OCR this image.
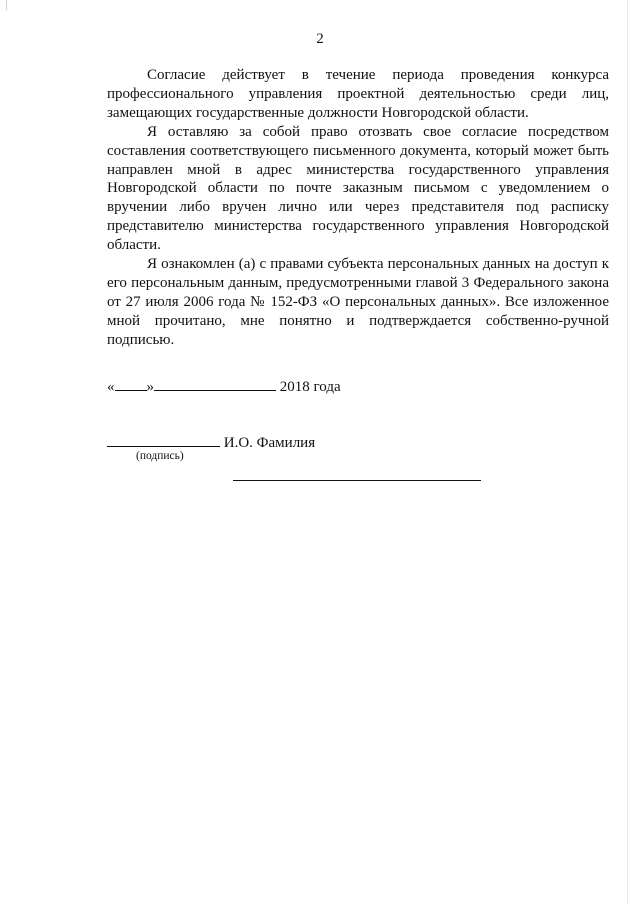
2

Согласие действует в течение периода проведения конкурса профессионального управления проектной деятельностью среди лиц, замещающих государственные должности Новгородской области.

Я оставляю за собой право отозвать свое согласие посредством составления соответствующего письменного документа, который может быть направлен мной в адрес министерства государственного управления Новгородской области по почте заказным письмом с уведомлением о вручении либо вручен лично или через представителя под расписку представителю министерства государственного управления Новгородской области.

Я ознакомлен (а) с правами субъекта персональных данных на доступ к его персональным данным, предусмотренными главой 3 Федерального закона от 27 июля 2006 года № 152-ФЗ «О персональных данных». Все изложенное мной прочитано, мне понятно и подтверждается собственно-ручной подписью.

« »	2018 года
И.О. Фамилия
(подпись)
